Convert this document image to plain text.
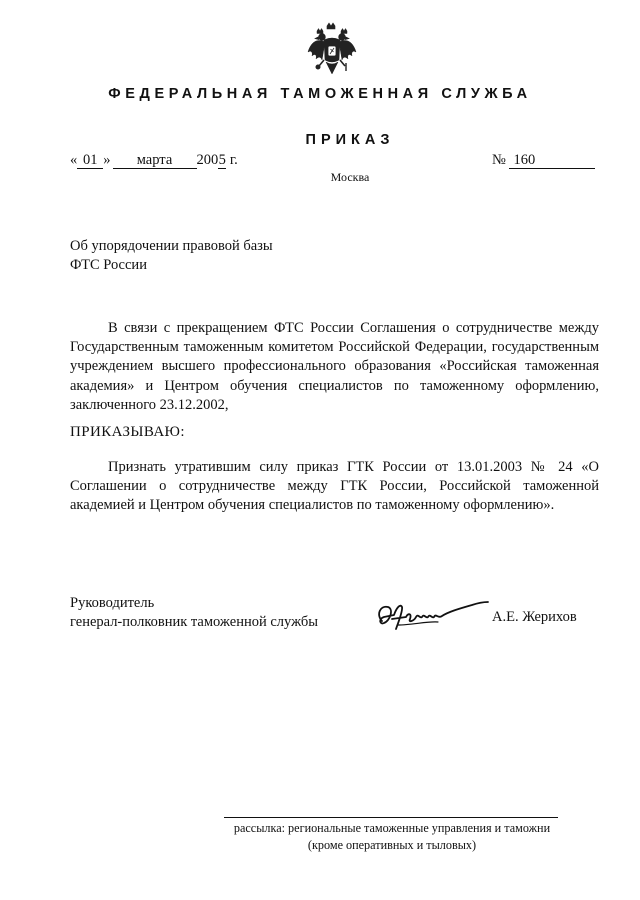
ФЕДЕРАЛЬНАЯ ТАМОЖЕННАЯ СЛУЖБА
ПРИКАЗ
« 01 » марта 2005 г.	№ 160
Москва
Об упорядочении правовой базы
ФТС России
В связи с прекращением ФТС России Соглашения о сотрудничестве между Государственным таможенным комитетом Российской Федерации, государственным учреждением высшего профессионального образования «Российская таможенная академия» и Центром обучения специалистов по таможенному оформлению, заключенного 23.12.2002,
ПРИКАЗЫВАЮ:
Признать утратившим силу приказ ГТК России от 13.01.2003 № 24 «О Соглашении о сотрудничестве между ГТК России, Российской таможенной академией и Центром обучения специалистов по таможенному оформлению».
Руководитель
генерал-полковник таможенной службы	А.Е. Жерихов
рассылка: региональные таможенные управления и таможни
(кроме оперативных и тыловых)
